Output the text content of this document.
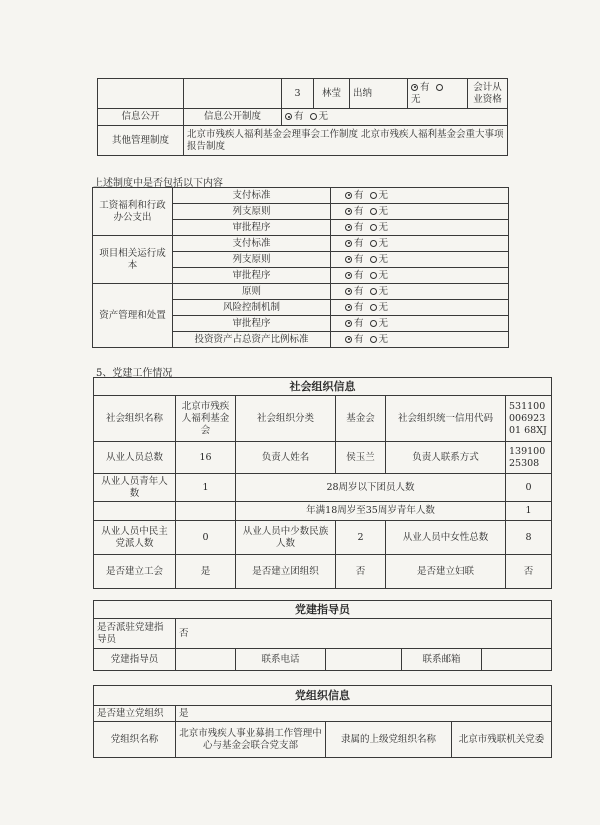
		3	林莹	出纳	有
无	会计从业资格
信息公开	信息公开制度	有 无				
其他管理制度	北京市残疾人福利基金会理事会工作制度 北京市残疾人福利基金会重大事项报告制度					
上述制度中是否包括以下内容
工资福利和行政办公支出	支付标准	有 无
	列支原则	有 无
	审批程序	有 无
项目相关运行成本	支付标准	有 无
	列支原则	有 无
	审批程序	有 无
资产管理和处置	原则	有 无
	风险控制机制	有 无
	审批程序	有 无
	投资资产占总资产比例标准	有 无
5、党建工作情况
社会组织信息					
社会组织名称	北京市残疾人福利基金会	社会组织分类	基金会	社会组织统一信用代码	53110000692301 68XJ
从业人员总数	16	负责人姓名	侯玉兰	负责人联系方式	13910025308
从业人员青年人数	1	28周岁以下团员人数			0
		年满18周岁至35周岁青年人数			1
从业人员中民主党派人数	0	从业人员中少数民族人数	2	从业人员中女性总数	8
是否建立工会	是	是否建立团组织	否	是否建立妇联	否
党建指导员					
是否派驻党建指导员	否				
党建指导员		联系电话		联系邮箱	
党组织信息			
是否建立党组织	是		
党组织名称	北京市残疾人事业募捐工作管理中心与基金会联合党支部	隶属的上级党组织名称	北京市残联机关党委
